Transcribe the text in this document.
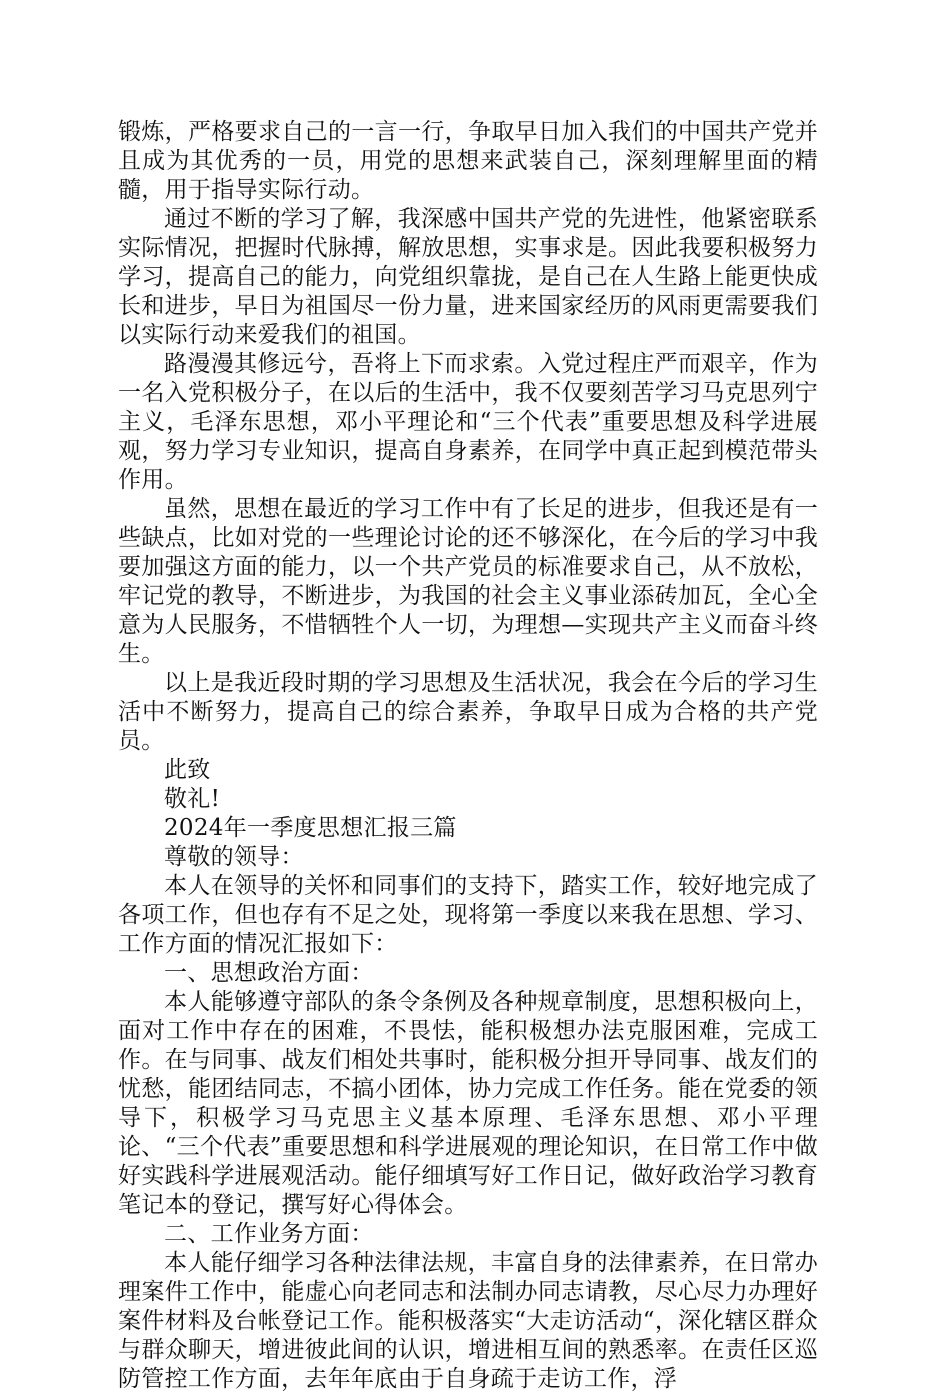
锻炼，严格要求自己的一言一行，争取早日加入我们的中国共产党并且成为其优秀的一员，用党的思想来武装自己，深刻理解里面的精髓，用于指导实际行动。

通过不断的学习了解，我深感中国共产党的先进性，他紧密联系实际情况，把握时代脉搏，解放思想，实事求是。因此我要积极努力学习，提高自己的能力，向党组织靠拢，是自己在人生路上能更快成长和进步，早日为祖国尽一份力量，进来国家经历的风雨更需要我们以实际行动来爱我们的祖国。

路漫漫其修远兮，吾将上下而求索。入党过程庄严而艰辛，作为一名入党积极分子，在以后的生活中，我不仅要刻苦学习马克思列宁主义，毛泽东思想，邓小平理论和“三个代表”重要思想及科学进展观，努力学习专业知识，提高自身素养，在同学中真正起到模范带头作用。

虽然，思想在最近的学习工作中有了长足的进步，但我还是有一些缺点，比如对党的一些理论讨论的还不够深化，在今后的学习中我要加强这方面的能力，以一个共产党员的标准要求自己，从不放松，牢记党的教导，不断进步，为我国的社会主义事业添砖加瓦，全心全意为人民服务，不惜牺牲个人一切，为理想—实现共产主义而奋斗终生。

以上是我近段时期的学习思想及生活状况，我会在今后的学习生活中不断努力，提高自己的综合素养，争取早日成为合格的共产党员。

此致

敬礼!

2024年一季度思想汇报三篇

尊敬的领导：

本人在领导的关怀和同事们的支持下，踏实工作，较好地完成了各项工作，但也存有不足之处，现将第一季度以来我在思想、学习、工作方面的情况汇报如下：

一、思想政治方面：

本人能够遵守部队的条令条例及各种规章制度，思想积极向上，面对工作中存在的困难，不畏怯，能积极想办法克服困难，完成工作。在与同事、战友们相处共事时，能积极分担开导同事、战友们的忧愁，能团结同志，不搞小团体，协力完成工作任务。能在党委的领导下，积极学习马克思主义基本原理、毛泽东思想、邓小平理论、“三个代表”重要思想和科学进展观的理论知识，在日常工作中做好实践科学进展观活动。能仔细填写好工作日记，做好政治学习教育笔记本的登记，撰写好心得体会。

二、工作业务方面：

本人能仔细学习各种法律法规，丰富自身的法律素养，在日常办理案件工作中，能虚心向老同志和法制办同志请教，尽心尽力办理好案件材料及台帐登记工作。能积极落实“大走访活动“，深化辖区群众与群众聊天，增进彼此间的认识，增进相互间的熟悉率。在责任区巡防管控工作方面，去年年底由于自身疏于走访工作，浮
